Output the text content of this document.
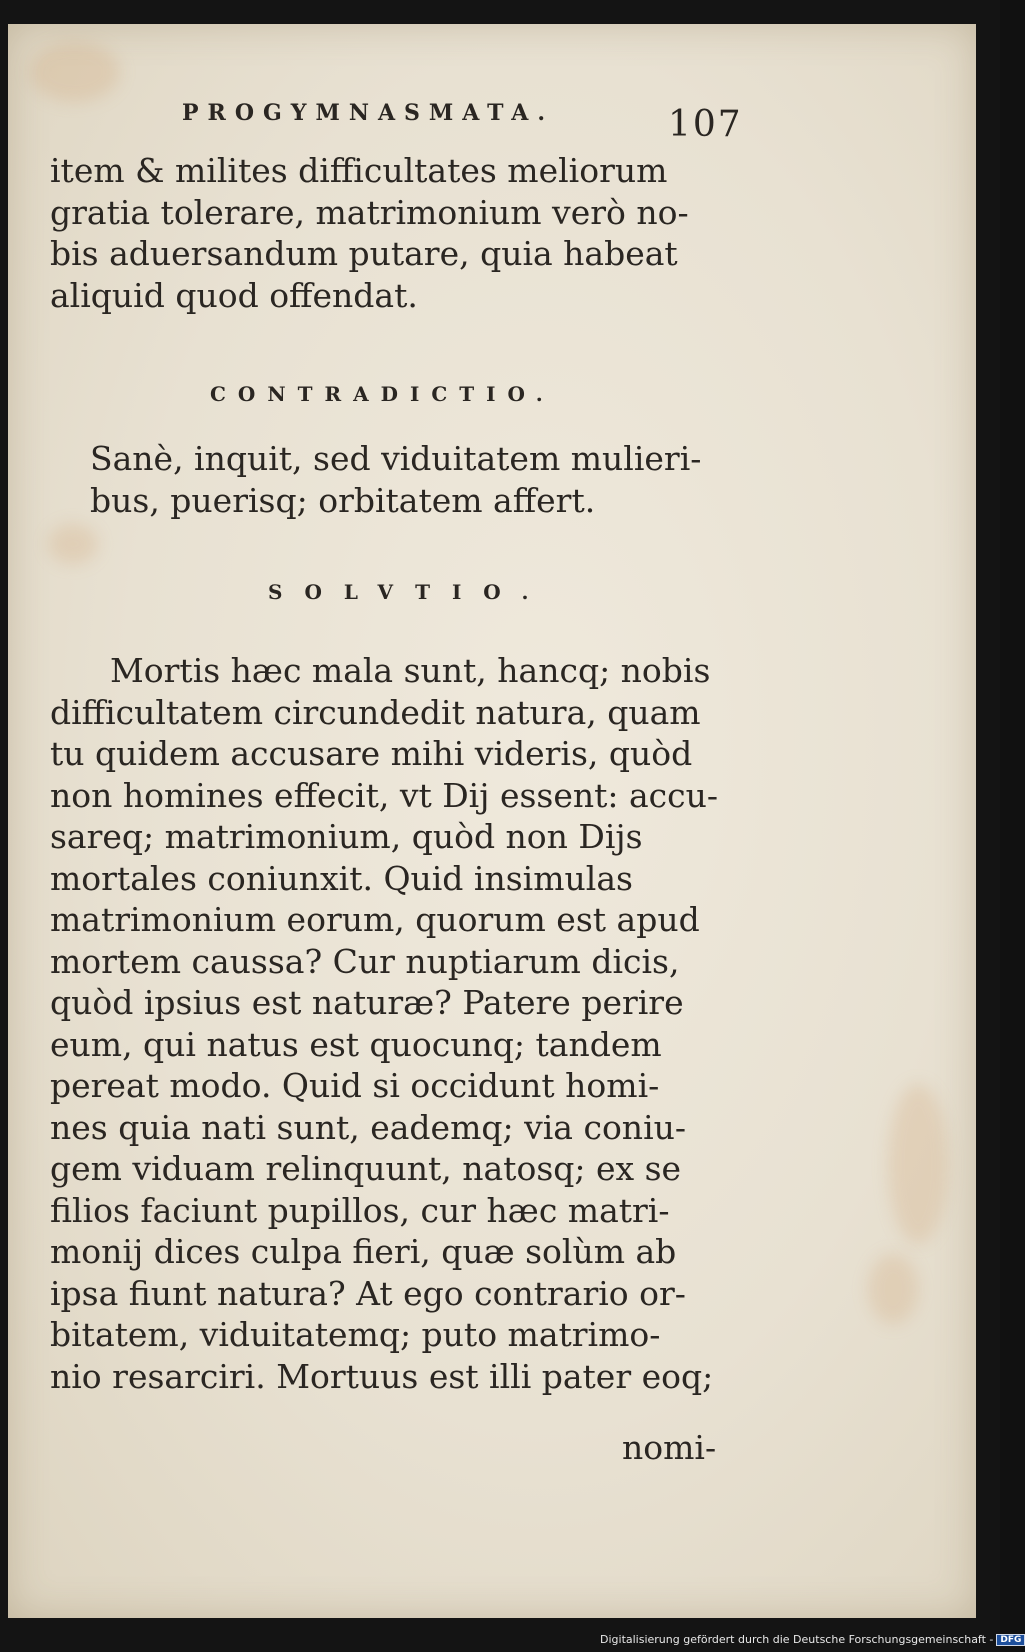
PROGYMNASMATA.	107
item & milites difficultates meliorum
gratia tolerare, matrimonium verò no-
bis aduersandum putare, quia habeat
aliquid quod offendat.
CONTRADICTIO.
Sanè, inquit, sed viduitatem mulieri-
bus, puerisq; orbitatem affert.
SOLVTIO.
Mortis hæc mala sunt, hancq; nobis
difficultatem circundedit natura, quam
tu quidem accusare mihi videris, quòd
non homines effecit, vt Dij essent: accu-
sareq; matrimonium, quòd non Dijs
mortales coniunxit. Quid insimulas
matrimonium eorum, quorum est apud
mortem caussa? Cur nuptiarum dicis,
quòd ipsius est naturæ? Patere perire
eum, qui natus est quocunq; tandem
pereat modo. Quid si occidunt homi-
nes quia nati sunt, eademq; via coniu-
gem viduam relinquunt, natosq; ex se
filios faciunt pupillos, cur hæc matri-
monij dices culpa fieri, quæ solùm ab
ipsa fiunt natura? At ego contrario or-
bitatem, viduitatemq; puto matrimo-
nio resarciri. Mortuus est illi pater eoq;
nomi-
Digitalisierung gefördert durch die Deutsche Forschungsgemeinschaft - DFG
